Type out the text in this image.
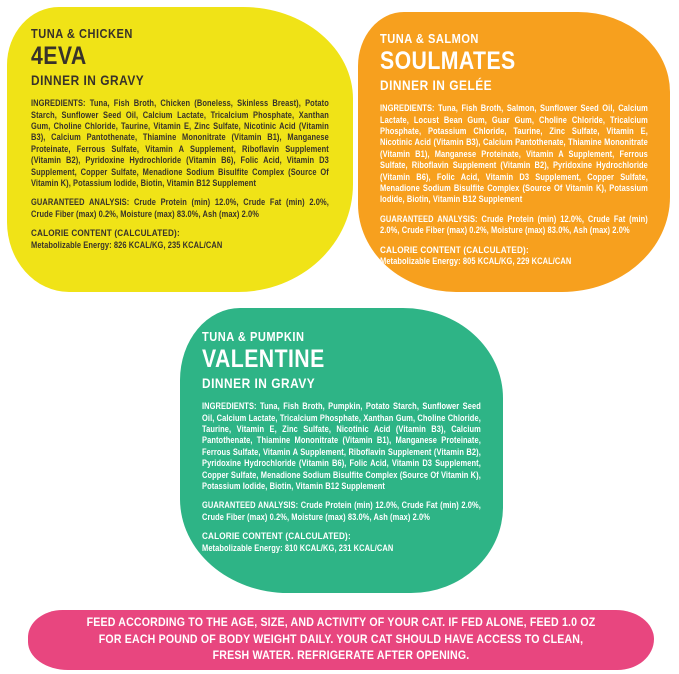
TUNA & CHICKEN
4EVA
DINNER IN GRAVY

INGREDIENTS: Tuna, Fish Broth, Chicken (Boneless, Skinless Breast), Potato Starch, Sunflower Seed Oil, Calcium Lactate, Tricalcium Phosphate, Xanthan Gum, Choline Chloride, Taurine, Vitamin E, Zinc Sulfate, Nicotinic Acid (Vitamin B3), Calcium Pantothenate, Thiamine Mononitrate (Vitamin B1), Manganese Proteinate, Ferrous Sulfate, Vitamin A Supplement, Riboflavin Supplement (Vitamin B2), Pyridoxine Hydrochloride (Vitamin B6), Folic Acid, Vitamin D3 Supplement, Copper Sulfate, Menadione Sodium Bisulfite Complex (Source Of Vitamin K), Potassium Iodide, Biotin, Vitamin B12 Supplement

GUARANTEED ANALYSIS: Crude Protein (min) 12.0%, Crude Fat (min) 2.0%, Crude Fiber (max) 0.2%, Moisture (max) 83.0%, Ash (max) 2.0%

CALORIE CONTENT (CALCULATED):
Metabolizable Energy: 826 KCAL/KG, 235 KCAL/CAN

TUNA & SALMON
SOULMATES
DINNER IN GELÉE

INGREDIENTS: Tuna, Fish Broth, Salmon, Sunflower Seed Oil, Calcium Lactate, Locust Bean Gum, Guar Gum, Choline Chloride, Tricalcium Phosphate, Potassium Chloride, Taurine, Zinc Sulfate, Vitamin E, Nicotinic Acid (Vitamin B3), Calcium Pantothenate, Thiamine Mononitrate (Vitamin B1), Manganese Proteinate, Vitamin A Supplement, Ferrous Sulfate, Riboflavin Supplement (Vitamin B2), Pyridoxine Hydrochloride (Vitamin B6), Folic Acid, Vitamin D3 Supplement, Copper Sulfate, Menadione Sodium Bisulfite Complex (Source Of Vitamin K), Potassium Iodide, Biotin, Vitamin B12 Supplement

GUARANTEED ANALYSIS: Crude Protein (min) 12.0%, Crude Fat (min) 2.0%, Crude Fiber (max) 0.2%, Moisture (max) 83.0%, Ash (max) 2.0%

CALORIE CONTENT (CALCULATED):
Metabolizable Energy: 805 KCAL/KG, 229 KCAL/CAN

TUNA & PUMPKIN
VALENTINE
DINNER IN GRAVY

INGREDIENTS: Tuna, Fish Broth, Pumpkin, Potato Starch, Sunflower Seed Oil, Calcium Lactate, Tricalcium Phosphate, Xanthan Gum, Choline Chloride, Taurine, Vitamin E, Zinc Sulfate, Nicotinic Acid (Vitamin B3), Calcium Pantothenate, Thiamine Mononitrate (Vitamin B1), Manganese Proteinate, Ferrous Sulfate, Vitamin A Supplement, Riboflavin Supplement (Vitamin B2), Pyridoxine Hydrochloride (Vitamin B6), Folic Acid, Vitamin D3 Supplement, Copper Sulfate, Menadione Sodium Bisulfite Complex (Source Of Vitamin K), Potassium Iodide, Biotin, Vitamin B12 Supplement

GUARANTEED ANALYSIS: Crude Protein (min) 12.0%, Crude Fat (min) 2.0%, Crude Fiber (max) 0.2%, Moisture (max) 83.0%, Ash (max) 2.0%

CALORIE CONTENT (CALCULATED):
Metabolizable Energy: 810 KCAL/KG, 231 KCAL/CAN

FEED ACCORDING TO THE AGE, SIZE, AND ACTIVITY OF YOUR CAT. IF FED ALONE, FEED 1.0 OZ FOR EACH POUND OF BODY WEIGHT DAILY. YOUR CAT SHOULD HAVE ACCESS TO CLEAN, FRESH WATER. REFRIGERATE AFTER OPENING.
